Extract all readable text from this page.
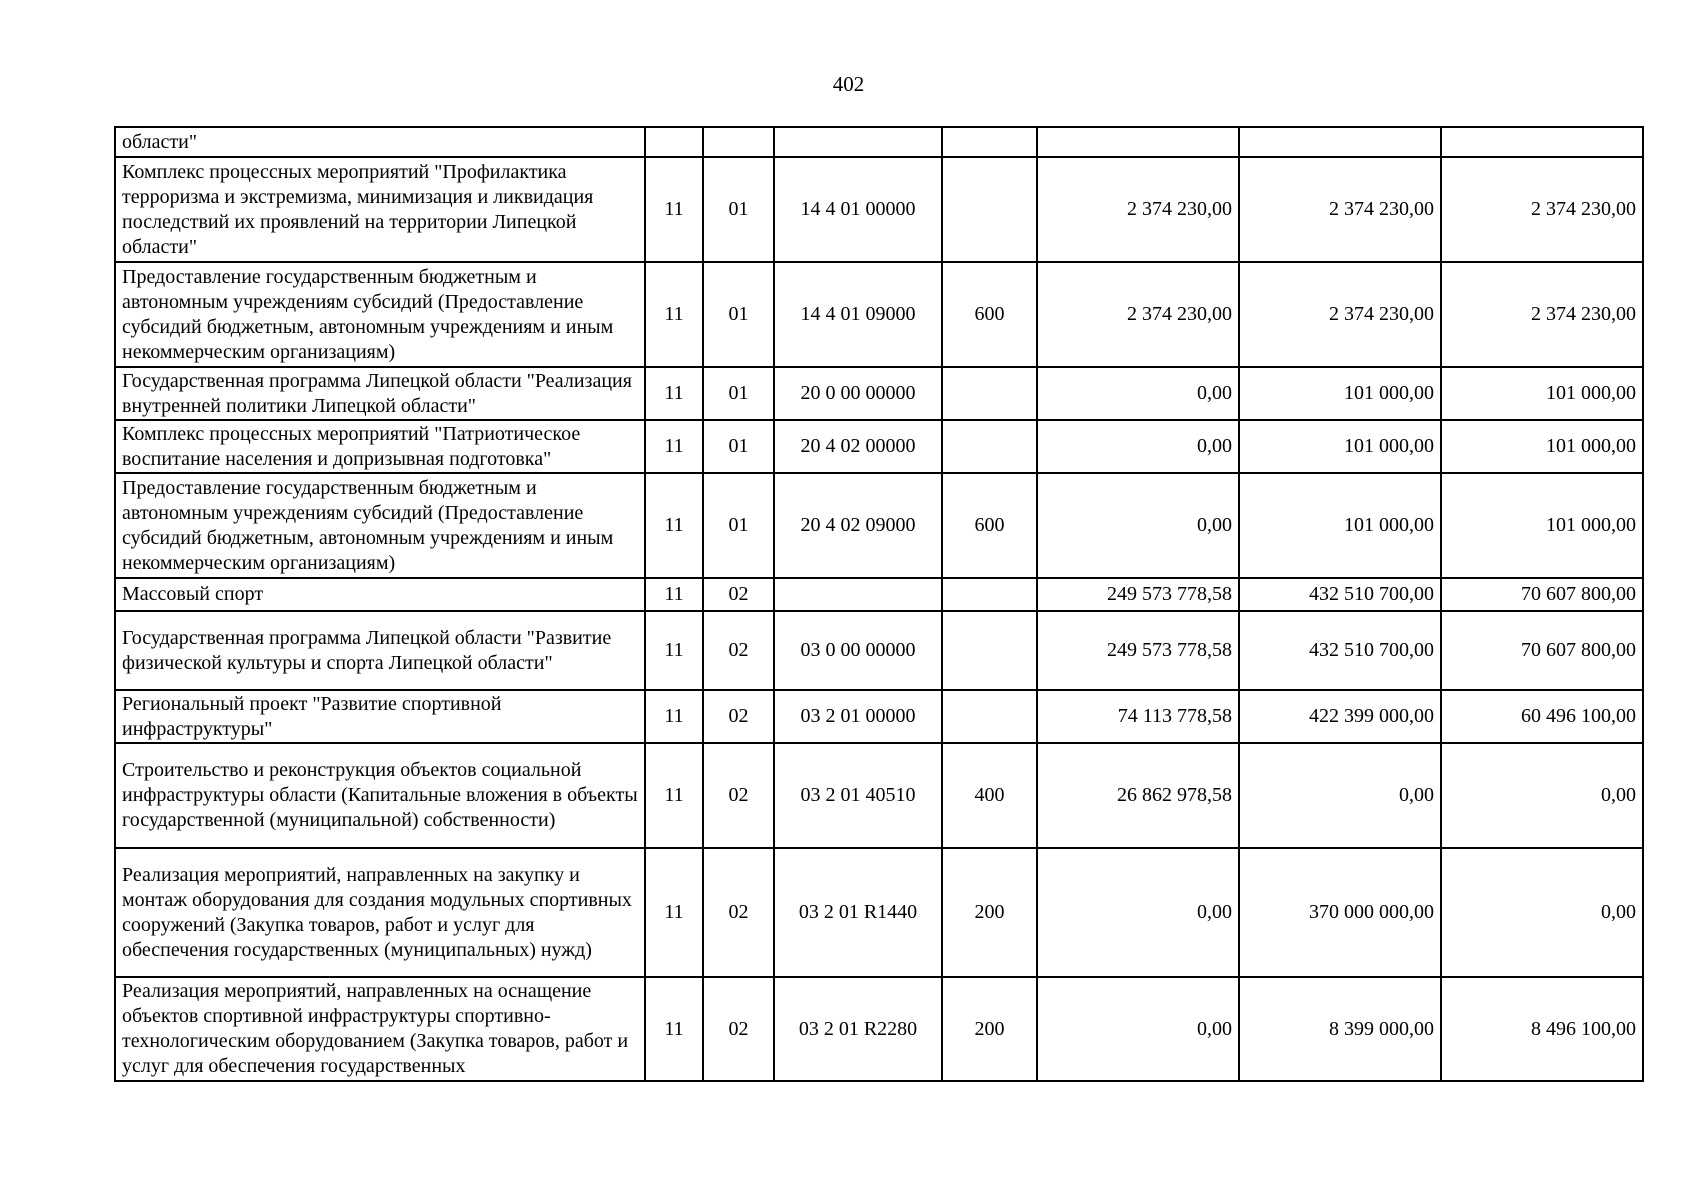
402
области"							
Комплекс процессных мероприятий "Профилактика терроризма и экстремизма, минимизация и ликвидация последствий их проявлений на территории Липецкой области"	11	01	14 4 01 00000		2 374 230,00	2 374 230,00	2 374 230,00
Предоставление государственным бюджетным и автономным учреждениям субсидий (Предоставление субсидий бюджетным, автономным учреждениям и иным некоммерческим организациям)	11	01	14 4 01 09000	600	2 374 230,00	2 374 230,00	2 374 230,00
Государственная программа Липецкой области "Реализация внутренней политики Липецкой области"	11	01	20 0 00 00000		0,00	101 000,00	101 000,00
Комплекс процессных мероприятий "Патриотическое воспитание населения и допризывная подготовка"	11	01	20 4 02 00000		0,00	101 000,00	101 000,00
Предоставление государственным бюджетным и автономным учреждениям субсидий (Предоставление субсидий бюджетным, автономным учреждениям и иным некоммерческим организациям)	11	01	20 4 02 09000	600	0,00	101 000,00	101 000,00
Массовый спорт	11	02			249 573 778,58	432 510 700,00	70 607 800,00
Государственная программа Липецкой области "Развитие физической культуры и спорта Липецкой области"	11	02	03 0 00 00000		249 573 778,58	432 510 700,00	70 607 800,00
Региональный проект "Развитие спортивной инфраструктуры"	11	02	03 2 01 00000		74 113 778,58	422 399 000,00	60 496 100,00
Строительство и реконструкция объектов социальной инфраструктуры области (Капитальные вложения в объекты государственной (муниципальной) собственности)	11	02	03 2 01 40510	400	26 862 978,58	0,00	0,00
Реализация мероприятий, направленных на закупку и монтаж оборудования для создания модульных спортивных сооружений (Закупка товаров, работ и услуг для обеспечения государственных (муниципальных) нужд)	11	02	03 2 01 R1440	200	0,00	370 000 000,00	0,00
Реализация мероприятий, направленных на оснащение объектов спортивной инфраструктуры спортивно-технологическим оборудованием (Закупка товаров, работ и услуг для обеспечения государственных	11	02	03 2 01 R2280	200	0,00	8 399 000,00	8 496 100,00
